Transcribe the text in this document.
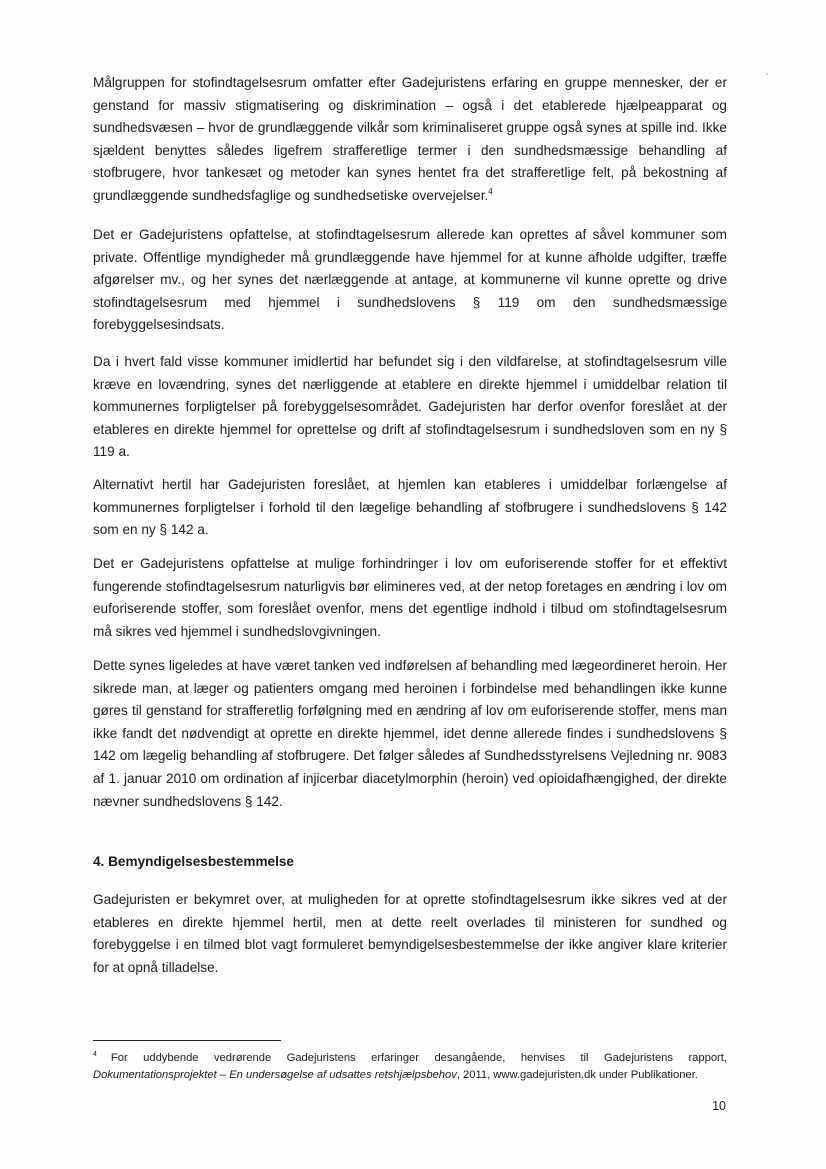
Målgruppen for stofindtagelsesrum omfatter efter Gadejuristens erfaring en gruppe mennesker, der er genstand for massiv stigmatisering og diskrimination – også i det etablerede hjælpeapparat og sundhedsvæsen – hvor de grundlæggende vilkår som kriminaliseret gruppe også synes at spille ind. Ikke sjældent benyttes således ligefrem strafferetlige termer i den sundhedsmæssige behandling af stofbrugere, hvor tankesæt og metoder kan synes hentet fra det strafferetlige felt, på bekostning af grundlæggende sundhedsfaglige og sundhedsetiske overvejelser.$^4$

Det er Gadejuristens opfattelse, at stofindtagelsesrum allerede kan oprettes af såvel kommuner som private. Offentlige myndigheder må grundlæggende have hjemmel for at kunne afholde udgifter, træffe afgørelser mv., og her synes det nærlæggende at antage, at kommunerne vil kunne oprette og drive stofindtagelsesrum med hjemmel i sundhedslovens § 119 om den sundhedsmæssige forebyggelsesindsats.

Da i hvert fald visse kommuner imidlertid har befundet sig i den vildfarelse, at stofindtagelsesrum ville kræve en lovændring, synes det nærliggende at etablere en direkte hjemmel i umiddelbar relation til kommunernes forpligtelser på forebyggelsesområdet. Gadejuristen har derfor ovenfor foreslået at der etableres en direkte hjemmel for oprettelse og drift af stofindtagelsesrum i sundhedsloven som en ny § 119 a.

Alternativt hertil har Gadejuristen foreslået, at hjemlen kan etableres i umiddelbar forlængelse af kommunernes forpligtelser i forhold til den lægelige behandling af stofbrugere i sundhedslovens § 142 som en ny § 142 a.

Det er Gadejuristens opfattelse at mulige forhindringer i lov om euforiserende stoffer for et effektivt fungerende stofindtagelsesrum naturligvis bør elimineres ved, at der netop foretages en ændring i lov om euforiserende stoffer, som foreslået ovenfor, mens det egentlige indhold i tilbud om stofindtagelsesrum må sikres ved hjemmel i sundhedslovgivningen.

Dette synes ligeledes at have været tanken ved indførelsen af behandling med lægeordineret heroin. Her sikrede man, at læger og patienters omgang med heroinen i forbindelse med behandlingen ikke kunne gøres til genstand for strafferetlig forfølgning med en ændring af lov om euforiserende stoffer, mens man ikke fandt det nødvendigt at oprette en direkte hjemmel, idet denne allerede findes i sundhedslovens § 142 om lægelig behandling af stofbrugere. Det følger således af Sundhedsstyrelsens Vejledning nr. 9083 af 1. januar 2010 om ordination af injicerbar diacetylmorphin (heroin) ved opioidafhængighed, der direkte nævner sundhedslovens § 142.

4. Bemyndigelsesbestemmelse

Gadejuristen er bekymret over, at muligheden for at oprette stofindtagelsesrum ikke sikres ved at der etableres en direkte hjemmel hertil, men at dette reelt overlades til ministeren for sundhed og forebyggelse i en tilmed blot vagt formuleret bemyndigelsesbestemmelse der ikke angiver klare kriterier for at opnå tilladelse.

$^4$ For uddybende vedrørende Gadejuristens erfaringer desangående, henvises til Gadejuristens rapport, Dokumentationsprojektet – En undersøgelse af udsattes retshjælpsbehov, 2011, www.gadejuristen.dk under Publikationer.

10
